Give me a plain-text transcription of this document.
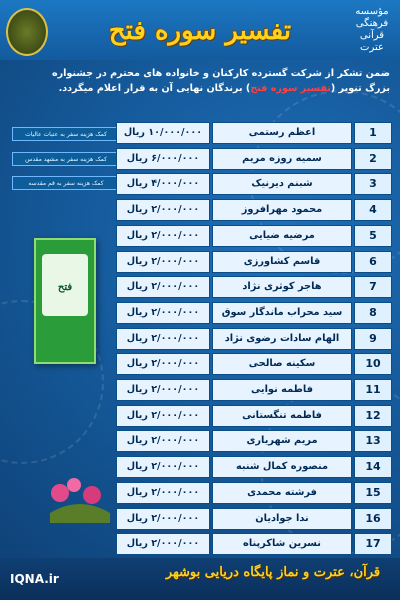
تفسیر سوره فتح
مؤسسه فرهنگی قرآنی عترت
ضمن تشکر از شرکت گسترده کارکنان و خانواده های محترم در جشنواره
بزرگ تنویر (تفسیر سوره فتح) برندگان نهایی آن به قرار اعلام میگردد.
کمک هزینه سفر به عتبات عالیات
کمک هزینه سفر به مشهد مقدس
کمک هزینه سفر به قم مقدسه
فتح
1
اعظم رستمی
۱۰/۰۰۰/۰۰۰ ریال
2
سمیه روزه مریم
۶/۰۰۰/۰۰۰ ریال
3
شبنم دیرنیک
۴/۰۰۰/۰۰۰ ریال
4
محمود مهرافروز
۲/۰۰۰/۰۰۰ ریال
5
مرضیه ضیایی
۲/۰۰۰/۰۰۰ ریال
6
قاسم کشاورزی
۲/۰۰۰/۰۰۰ ریال
7
هاجر کوثری نژاد
۲/۰۰۰/۰۰۰ ریال
8
سید محراب ماندگار سوق
۲/۰۰۰/۰۰۰ ریال
9
الهام سادات رضوی نژاد
۲/۰۰۰/۰۰۰ ریال
10
سکینه صالحی
۲/۰۰۰/۰۰۰ ریال
11
فاطمه نوایی
۲/۰۰۰/۰۰۰ ریال
12
فاطمه تنگستانی
۲/۰۰۰/۰۰۰ ریال
13
مریم شهریاری
۲/۰۰۰/۰۰۰ ریال
14
منصوره کمال شنبه
۲/۰۰۰/۰۰۰ ریال
15
فرشته محمدی
۲/۰۰۰/۰۰۰ ریال
16
ندا جوادیان
۲/۰۰۰/۰۰۰ ریال
17
نسرین شاکرپناه
۲/۰۰۰/۰۰۰ ریال
IQNA.ir	قرآن، عترت و نماز پایگاه دریایی بوشهر
